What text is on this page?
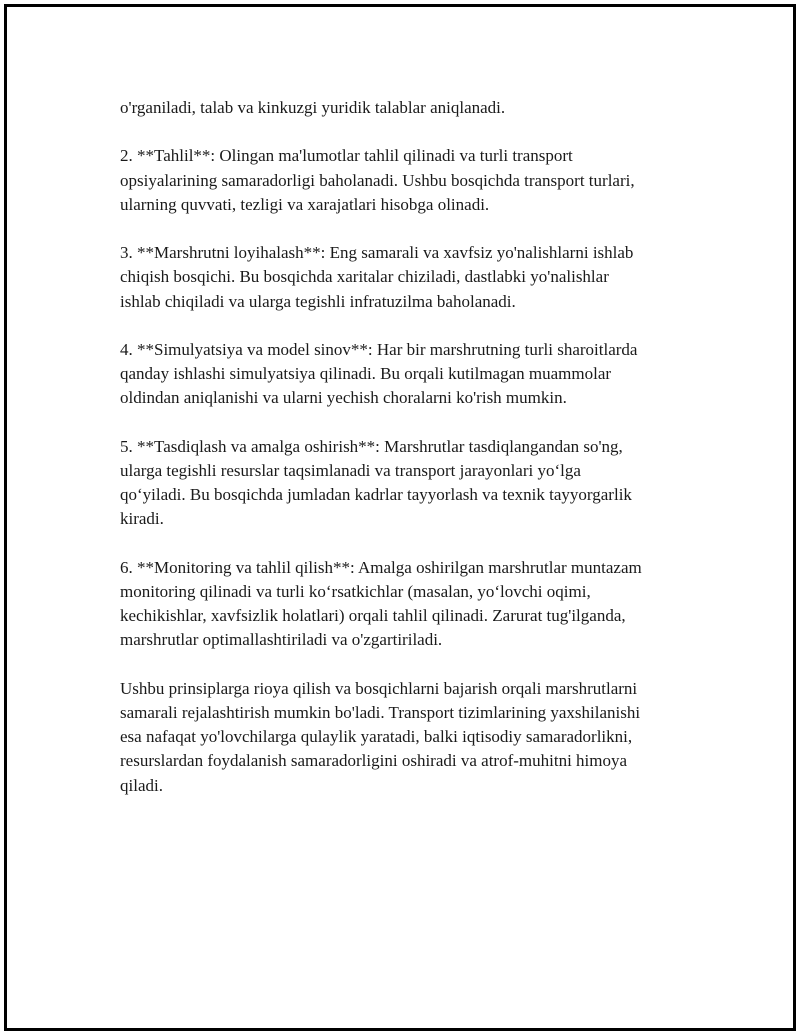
o'rganiladi, talab va kinkuzgi yuridik talablar aniqlanadi.

2. **Tahlil**: Olingan ma'lumotlar tahlil qilinadi va turli transport
opsiyalarining samaradorligi baholanadi. Ushbu bosqichda transport turlari,
ularning quvvati, tezligi va xarajatlari hisobga olinadi.

3. **Marshrutni loyihalash**: Eng samarali va xavfsiz yo'nalishlarni ishlab
chiqish bosqichi. Bu bosqichda xaritalar chiziladi, dastlabki yo'nalishlar
ishlab chiqiladi va ularga tegishli infratuzilma baholanadi.

4. **Simulyatsiya va model sinov**: Har bir marshrutning turli sharoitlarda
qanday ishlashi simulyatsiya qilinadi. Bu orqali kutilmagan muammolar
oldindan aniqlanishi va ularni yechish choralarni ko'rish mumkin.

5. **Tasdiqlash va amalga oshirish**: Marshrutlar tasdiqlangandan so'ng,
ularga tegishli resurslar taqsimlanadi va transport jarayonlari yo‘lga
qo‘yiladi. Bu bosqichda jumladan kadrlar tayyorlash va texnik tayyorgarlik
kiradi.

6. **Monitoring va tahlil qilish**: Amalga oshirilgan marshrutlar muntazam
monitoring qilinadi va turli ko‘rsatkichlar (masalan, yo‘lovchi oqimi,
kechikishlar, xavfsizlik holatlari) orqali tahlil qilinadi. Zarurat tug'ilganda,
marshrutlar optimallashtiriladi va o'zgartiriladi.

Ushbu prinsiplarga rioya qilish va bosqichlarni bajarish orqali marshrutlarni
samarali rejalashtirish mumkin bo'ladi. Transport tizimlarining yaxshilanishi
esa nafaqat yo'lovchilarga qulaylik yaratadi, balki iqtisodiy samaradorlikni,
resurslardan foydalanish samaradorligini oshiradi va atrof-muhitni himoya
qiladi.
